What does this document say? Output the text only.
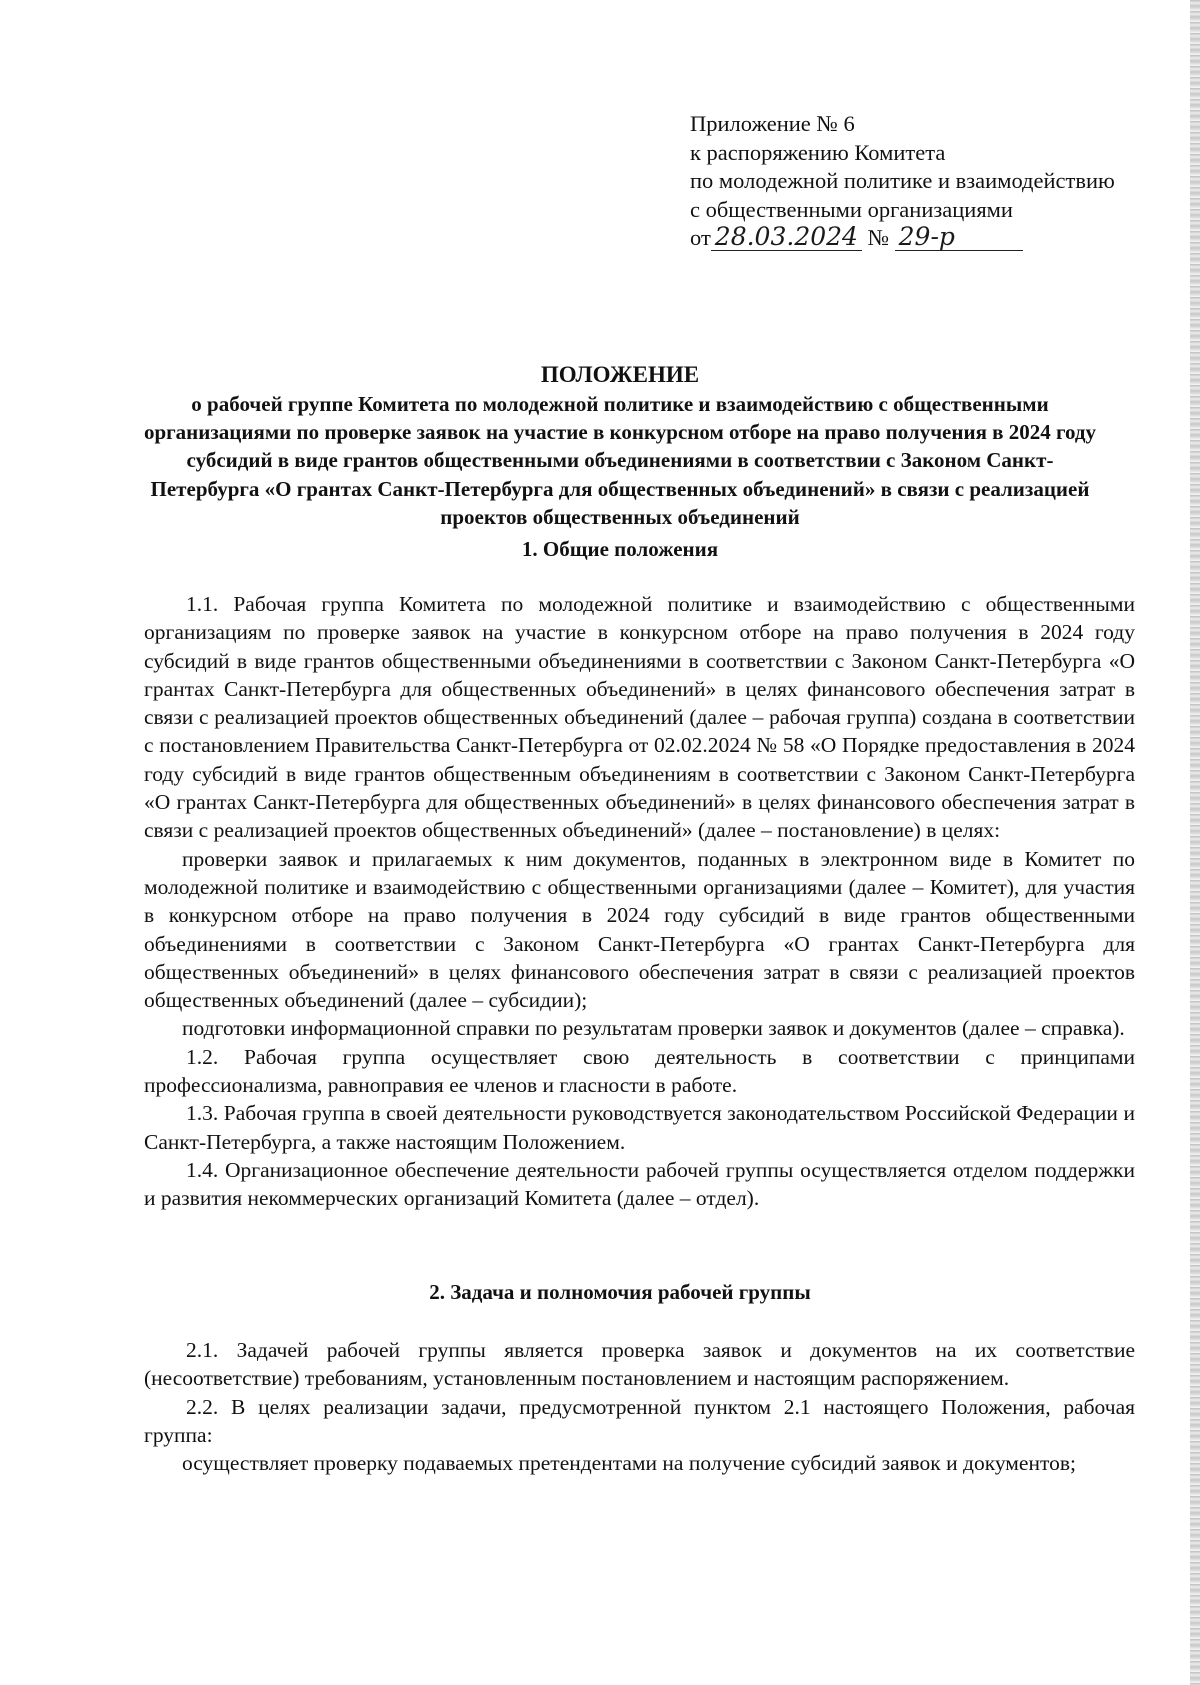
Приложение № 6
к распоряжению Комитета
по молодежной политике и взаимодействию
с общественными организациями
от 28.03.2024 № 29-р
ПОЛОЖЕНИЕ
о рабочей группе Комитета по молодежной политике и взаимодействию с общественными организациями по проверке заявок на участие в конкурсном отборе на право получения в 2024 году субсидий в виде грантов общественными объединениями в соответствии с Законом Санкт-Петербурга «О грантах Санкт-Петербурга для общественных объединений» в связи с реализацией проектов общественных объединений
1. Общие положения

1.1. Рабочая группа Комитета по молодежной политике и взаимодействию с общественными организациям по проверке заявок на участие в конкурсном отборе на право получения в 2024 году субсидий в виде грантов общественными объединениями в соответствии с Законом Санкт-Петербурга «О грантах Санкт-Петербурга для общественных объединений» в целях финансового обеспечения затрат в связи с реализацией проектов общественных объединений (далее – рабочая группа) создана в соответствии с постановлением Правительства Санкт-Петербурга от 02.02.2024 № 58 «О Порядке предоставления в 2024 году субсидий в виде грантов общественным объединениям в соответствии с Законом Санкт-Петербурга «О грантах Санкт-Петербурга для общественных объединений» в целях финансового обеспечения затрат в связи с реализацией проектов общественных объединений» (далее – постановление) в целях:

проверки заявок и прилагаемых к ним документов, поданных в электронном виде в Комитет по молодежной политике и взаимодействию с общественными организациями (далее – Комитет), для участия в конкурсном отборе на право получения в 2024 году субсидий в виде грантов общественными объединениями в соответствии с Законом Санкт-Петербурга «О грантах Санкт-Петербурга для общественных объединений» в целях финансового обеспечения затрат в связи с реализацией проектов общественных объединений (далее – субсидии);

подготовки информационной справки по результатам проверки заявок и документов (далее – справка).

1.2. Рабочая группа осуществляет свою деятельность в соответствии с принципами профессионализма, равноправия ее членов и гласности в работе.

1.3. Рабочая группа в своей деятельности руководствуется законодательством Российской Федерации и Санкт-Петербурга, а также настоящим Положением.

1.4. Организационное обеспечение деятельности рабочей группы осуществляется отделом поддержки и развития некоммерческих организаций Комитета (далее – отдел).

2. Задача и полномочия рабочей группы

2.1. Задачей рабочей группы является проверка заявок и документов на их соответствие (несоответствие) требованиям, установленным постановлением и настоящим распоряжением.

2.2. В целях реализации задачи, предусмотренной пунктом 2.1 настоящего Положения, рабочая группа:

осуществляет проверку подаваемых претендентами на получение субсидий заявок и документов;
